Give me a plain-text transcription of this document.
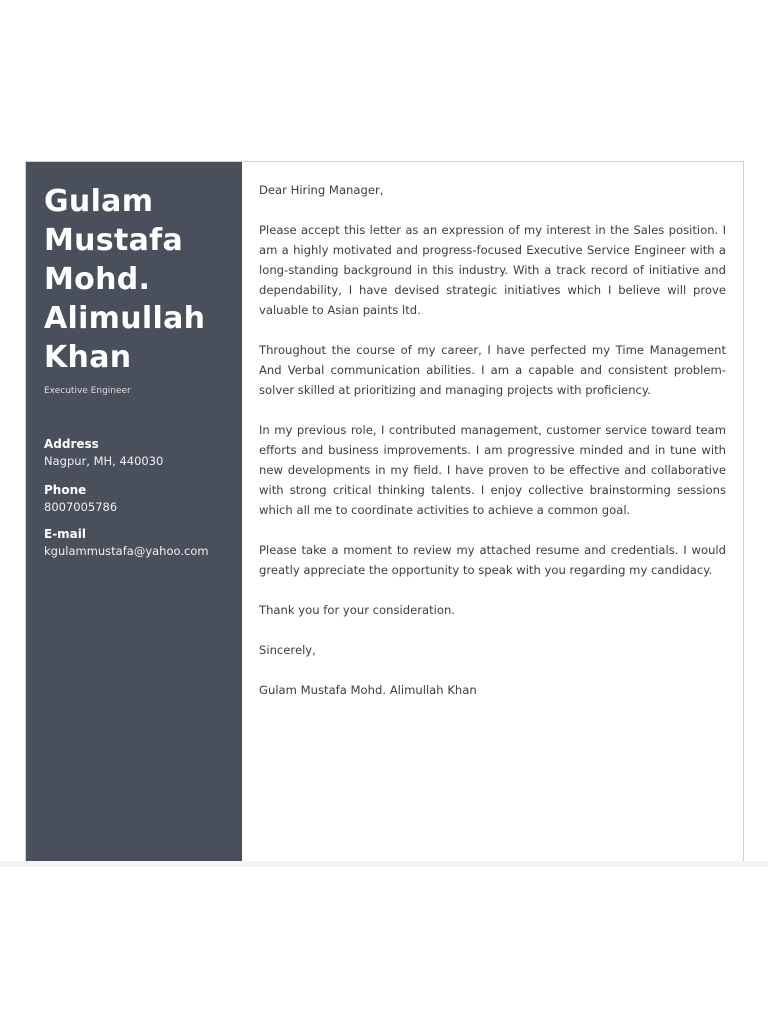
Gulam
Mustafa
Mohd.
Alimullah
Khan
Executive Engineer
Address
Nagpur, MH, 440030
Phone
8007005786
E-mail
kgulammustafa@yahoo.com

Dear Hiring Manager,

Please accept this letter as an expression of my interest in the Sales position. I am a highly motivated and progress-focused Executive Service Engineer with a long-standing background in this industry. With a track record of initiative and dependability, I have devised strategic initiatives which I believe will prove valuable to Asian paints ltd.

Throughout the course of my career, I have perfected my Time Management And Verbal communication abilities. I am a capable and consistent problem-solver skilled at prioritizing and managing projects with proficiency.

In my previous role, I contributed management, customer service toward team efforts and business improvements. I am progressive minded and in tune with new developments in my field. I have proven to be effective and collaborative with strong critical thinking talents. I enjoy collective brainstorming sessions which all me to coordinate activities to achieve a common goal.

Please take a moment to review my attached resume and credentials. I would greatly appreciate the opportunity to speak with you regarding my candidacy.

Thank you for your consideration.

Sincerely,

Gulam Mustafa Mohd. Alimullah Khan
